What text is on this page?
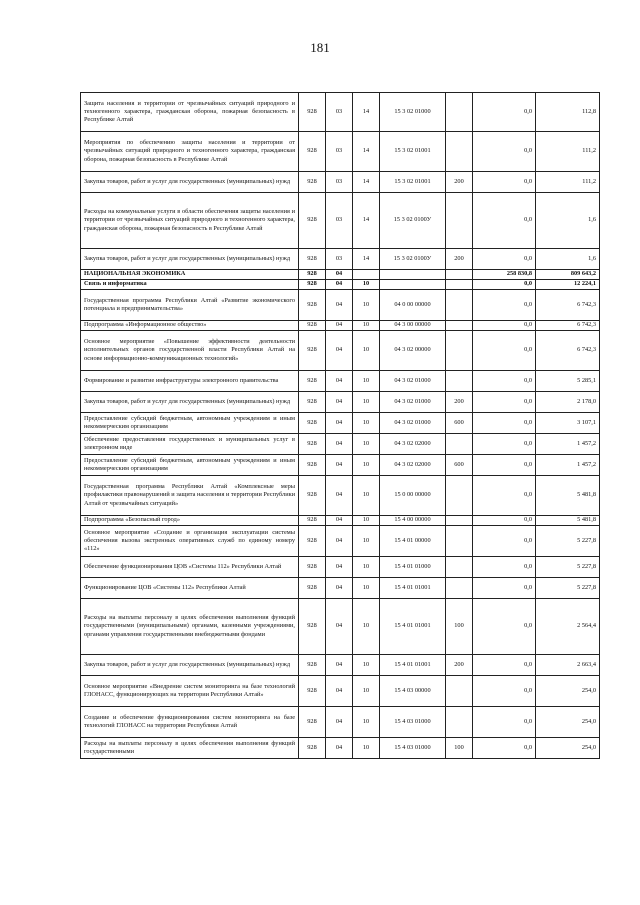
181
Защита населения и территории от чрезвычайных ситуаций природного и техногенного характера, гражданская оборона, пожарная безопасность в Республике Алтай	928	03	14	15 3 02 01000		0,0	112,8
Мероприятия по обеспечению защиты населения и территории от чрезвычайных ситуаций природного и техногенного характера, гражданская оборона, пожарная безопасность в Республике Алтай	928	03	14	15 3 02 01001		0,0	111,2
Закупка товаров, работ и услуг для государственных (муниципальных) нужд	928	03	14	15 3 02 01001	200	0,0	111,2
Расходы на коммунальные услуги в области обеспечения защиты населения и территории от чрезвычайных ситуаций природного и техногенного характера, гражданская оборона, пожарная безопасность в Республике Алтай	928	03	14	15 3 02 0100У		0,0	1,6
Закупка товаров, работ и услуг для государственных (муниципальных) нужд	928	03	14	15 3 02 0100У	200	0,0	1,6
НАЦИОНАЛЬНАЯ ЭКОНОМИКА	928	04				258 830,8	809 643,2
Связь и информатика	928	04	10			0,0	12 224,1
Государственная программа Республики Алтай «Развитие экономического потенциала и предпринимательства»	928	04	10	04 0 00 00000		0,0	6 742,3
Подпрограмма «Информационное общество»	928	04	10	04 3 00 00000		0,0	6 742,3
Основное мероприятие «Повышение эффективности деятельности исполнительных органов государственной власти Республики Алтай на основе информационно-коммуникационных технологий»	928	04	10	04 3 02 00000		0,0	6 742,3
Формирование и развитие инфраструктуры электронного правительства	928	04	10	04 3 02 01000		0,0	5 285,1
Закупка товаров, работ и услуг для государственных (муниципальных) нужд	928	04	10	04 3 02 01000	200	0,0	2 178,0
Предоставление субсидий бюджетным, автономным учреждениям и иным некоммерческим организациям	928	04	10	04 3 02 01000	600	0,0	3 107,1
Обеспечение предоставления государственных и муниципальных услуг в электронном виде	928	04	10	04 3 02 02000		0,0	1 457,2
Предоставление субсидий бюджетным, автономным учреждениям и иным некоммерческим организациям	928	04	10	04 3 02 02000	600	0,0	1 457,2
Государственная программа Республики Алтай «Комплексные меры профилактики правонарушений и защита населения и территории Республики Алтай от чрезвычайных ситуаций»	928	04	10	15 0 00 00000		0,0	5 481,8
Подпрограмма «Безопасный город»	928	04	10	15 4 00 00000		0,0	5 481,8
Основное мероприятие «Создание и организация эксплуатации системы обеспечения вызова экстренных оперативных служб по единому номеру «112»	928	04	10	15 4 01 00000		0,0	5 227,8
Обеспечение функционирования ЦОВ «Системы 112» Республики Алтай	928	04	10	15 4 01 01000		0,0	5 227,8
Функционирование ЦОВ «Системы 112» Республики Алтай	928	04	10	15 4 01 01001		0,0	5 227,8
Расходы на выплаты персоналу в целях обеспечения выполнения функций государственными (муниципальными) органами, казенными учреждениями, органами управления государственными внебюджетными фондами	928	04	10	15 4 01 01001	100	0,0	2 564,4
Закупка товаров, работ и услуг для государственных (муниципальных) нужд	928	04	10	15 4 01 01001	200	0,0	2 663,4
Основное мероприятие «Внедрение систем мониторинга на базе технологий ГЛОНАСС, функционирующих на территории Республики Алтай»	928	04	10	15 4 03 00000		0,0	254,0
Создание и обеспечение функционирования систем мониторинга на базе технологий ГЛОНАСС на территории Республики Алтай	928	04	10	15 4 03 01000		0,0	254,0
Расходы на выплаты персоналу в целях обеспечения выполнения функций государственными	928	04	10	15 4 03 01000	100	0,0	254,0
